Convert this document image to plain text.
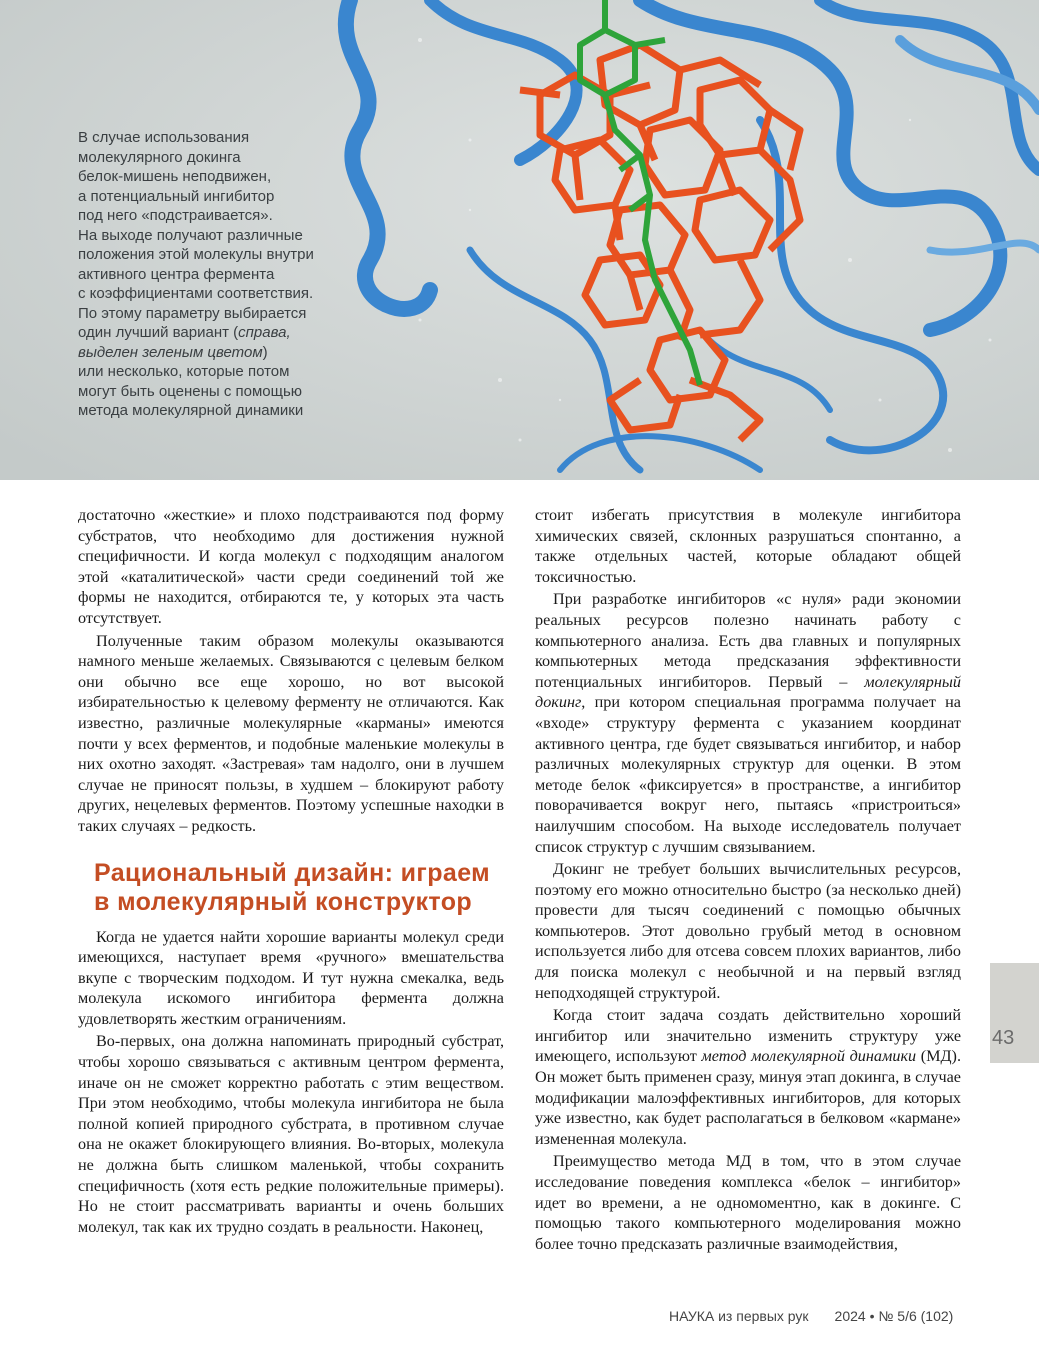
В случае использования

молекулярного докинга

белок-мишень неподвижен,

а потенциальный ингибитор

под него «подстраивается».

На выходе получают различные

положения этой молекулы внутри

активного центра фермента

с коэффициентами соответствия.

По этому параметру выбирается

один лучший вариант (справа,

выделен зеленым цветом)

или несколько, которые потом

могут быть оценены с помощью

метода молекулярной динамики

достаточно «жесткие» и плохо подстраиваются под форму субстратов, что необходимо для достижения нужной специфичности. И когда молекул с подходящим аналогом этой «каталитической» части среди соединений той же формы не находится, отбираются те, у которых эта часть отсутствует.

Полученные таким образом молекулы оказываются намного меньше желаемых. Связываются с целевым белком они обычно все еще хорошо, но вот высокой избирательностью к целевому ферменту не отличаются. Как известно, различные молекулярные «карманы» имеются почти у всех ферментов, и подобные маленькие молекулы в них охотно заходят. «Застревая» там надолго, они в лучшем случае не приносят пользы, в худшем – блокируют работу других, нецелевых ферментов. Поэтому успешные находки в таких случаях – редкость.

Рациональный дизайн: играем
в молекулярный конструктор

Когда не удается найти хорошие варианты молекул среди имеющихся, наступает время «ручного» вмешательства вкупе с творческим подходом. И тут нужна смекалка, ведь молекула искомого ингибитора фермента должна удовлетворять жестким ограничениям.

Во-первых, она должна напоминать природный субстрат, чтобы хорошо связываться с активным центром фермента, иначе он не сможет корректно работать с этим веществом. При этом необходимо, чтобы молекула ингибитора не была полной копией природного субстрата, в противном случае она не окажет блокирующего влияния. Во-вторых, молекула не должна быть слишком маленькой, чтобы сохранить специфичность (хотя есть редкие положительные примеры). Но не стоит рассматривать варианты и очень больших молекул, так как их трудно создать в реальности. Наконец,

стоит избегать присутствия в молекуле ингибитора химических связей, склонных разрушаться спонтанно, а также отдельных частей, которые обладают общей токсичностью.

При разработке ингибиторов «с нуля» ради экономии реальных ресурсов полезно начинать работу с компьютерного анализа. Есть два главных и популярных компьютерных метода предсказания эффективности потенциальных ингибиторов. Первый – молекулярный докинг, при котором специальная программа получает на «входе» структуру фермента с указанием координат активного центра, где будет связываться ингибитор, и набор различных молекулярных структур для оценки. В этом методе белок «фиксируется» в пространстве, а ингибитор поворачивается вокруг него, пытаясь «пристроиться» наилучшим способом. На выходе исследователь получает список структур с лучшим связыванием.

Докинг не требует больших вычислительных ресурсов, поэтому его можно относительно быстро (за несколько дней) провести для тысяч соединений с помощью обычных компьютеров. Этот довольно грубый метод в основном используется либо для отсева совсем плохих вариантов, либо для поиска молекул с необычной и на первый взгляд неподходящей структурой.

Когда стоит задача создать действительно хороший ингибитор или значительно изменить структуру уже имеющего, используют метод молекулярной динамики (МД). Он может быть применен сразу, минуя этап докинга, в случае модификации малоэффективных ингибиторов, для которых уже известно, как будет располагаться в белковом «кармане» измененная молекула.

Преимущество метода МД в том, что в этом случае исследование поведения комплекса «белок – ингибитор» идет во времени, а не одномоментно, как в докинге. С помощью такого компьютерного моделирования можно более точно предсказать различные взаимодействия,

43
НАУКА из первых рук 2024 • № 5/6 (102)
